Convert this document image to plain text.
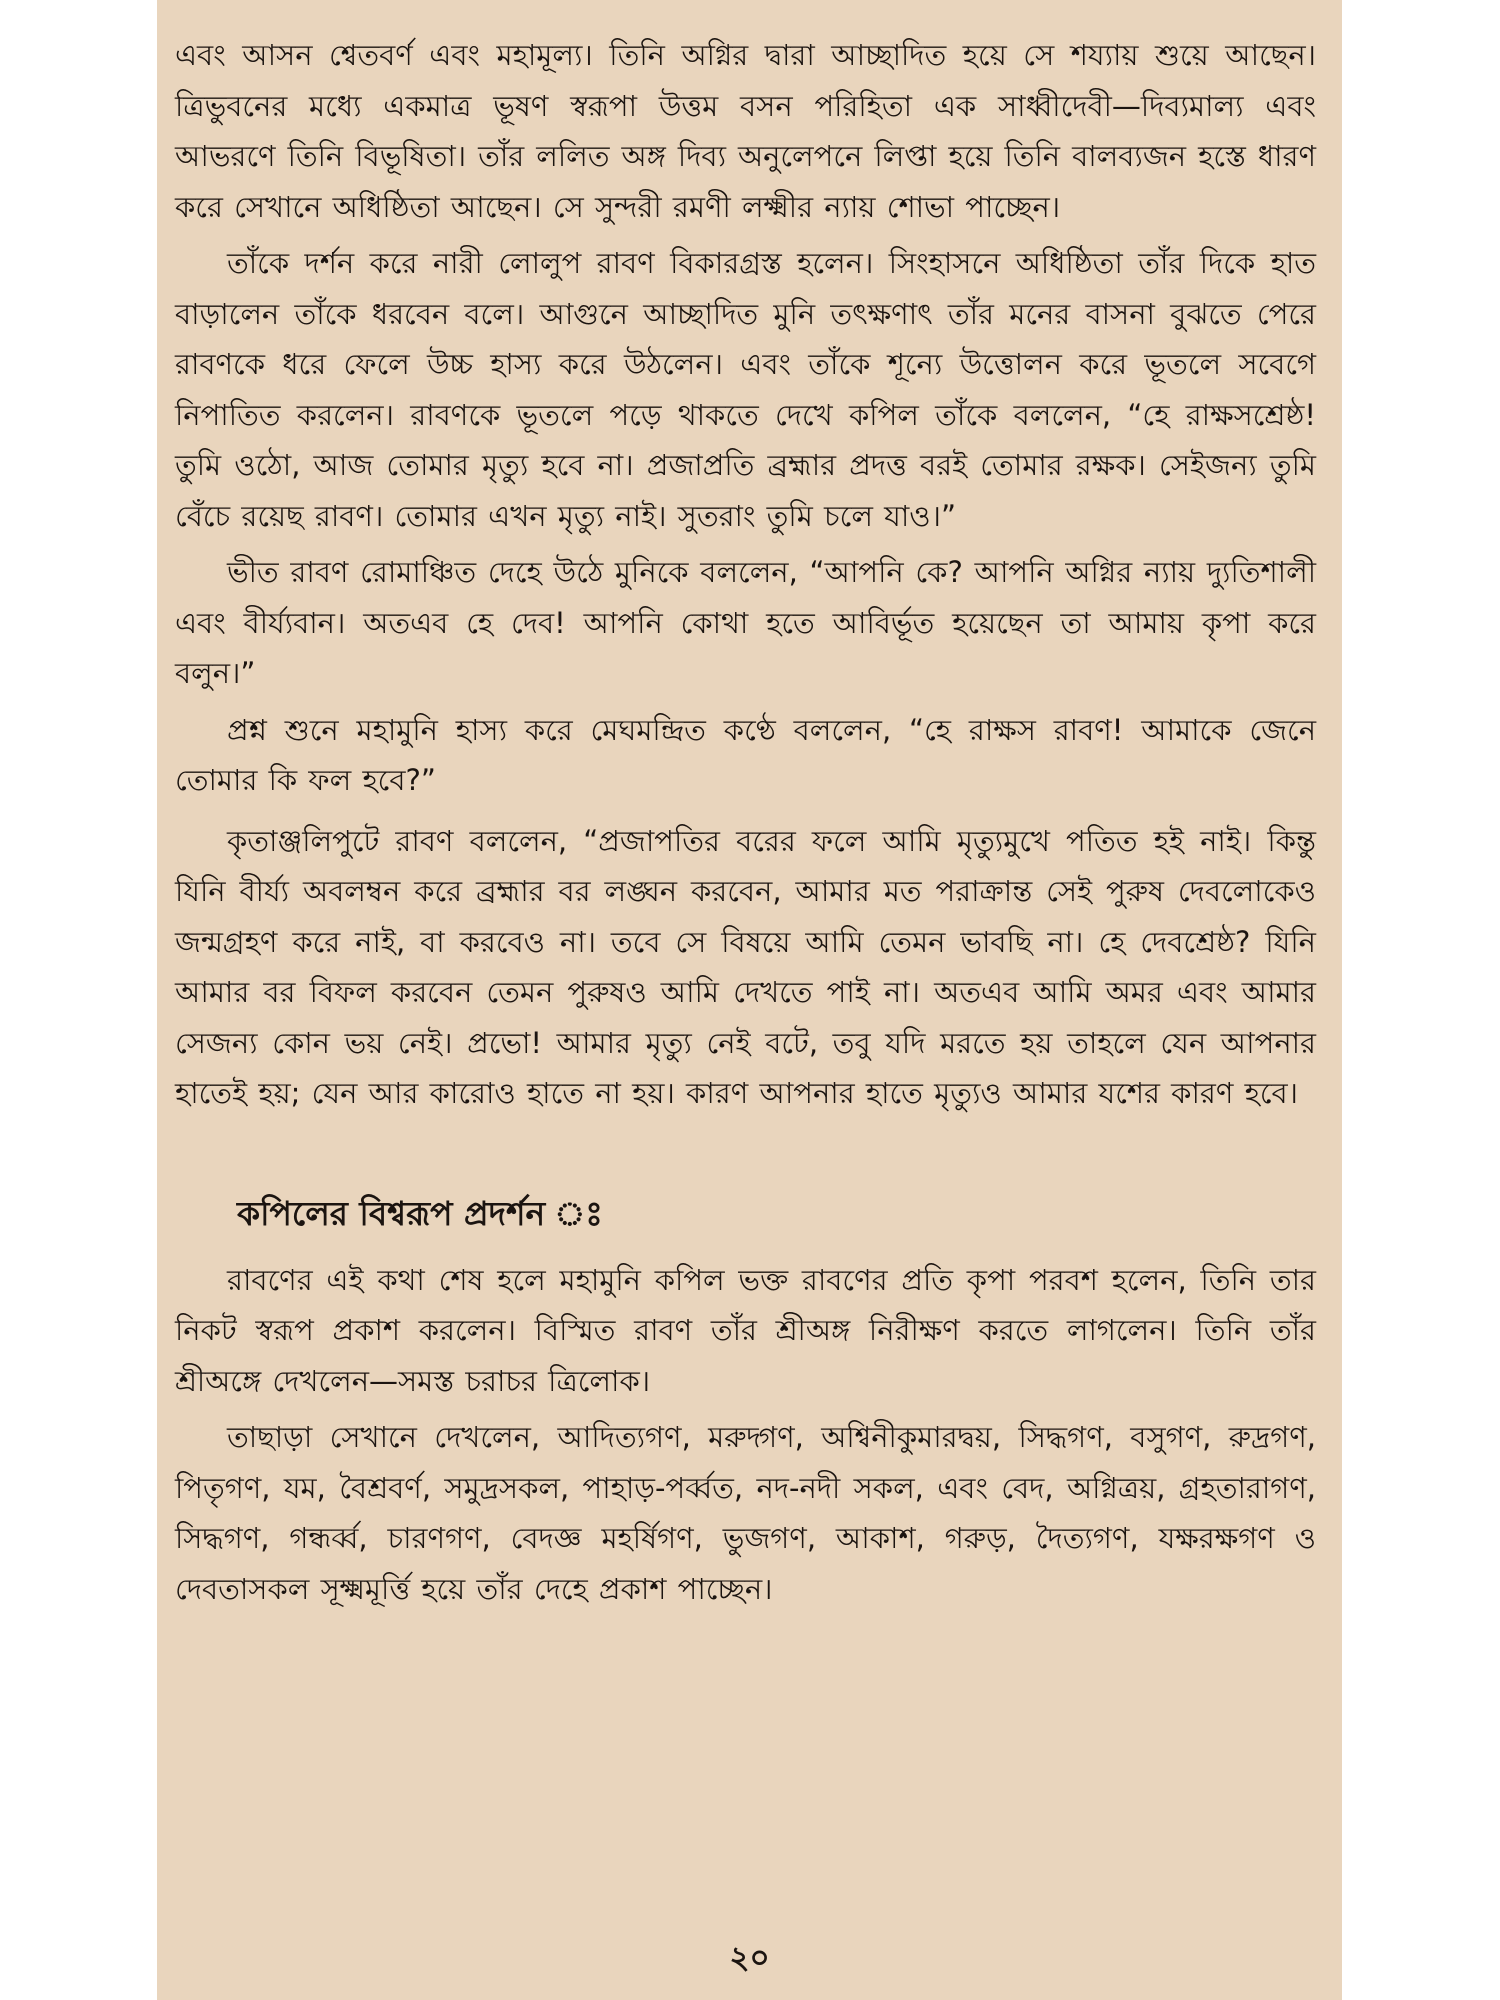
এবং আসন শ্বেতবর্ণ এবং মহামূল্য। তিনি অগ্নির দ্বারা আচ্ছাদিত হয়ে সে শয্যায় শুয়ে আছেন। ত্রিভুবনের মধ্যে একমাত্র ভূষণ স্বরূপা উত্তম বসন পরিহিতা এক সাধ্বীদেবী—দিব্যমাল্য এবং আভরণে তিনি বিভূষিতা। তাঁর ললিত অঙ্গ দিব্য অনুলেপনে লিপ্তা হয়ে তিনি বালব্যজন হস্তে ধারণ করে সেখানে অধিষ্ঠিতা আছেন। সে সুন্দরী রমণী লক্ষ্মীর ন্যায় শোভা পাচ্ছেন।

তাঁকে দর্শন করে নারী লোলুপ রাবণ বিকারগ্রস্ত হলেন। সিংহাসনে অধিষ্ঠিতা তাঁর দিকে হাত বাড়ালেন তাঁকে ধরবেন বলে। আগুনে আচ্ছাদিত মুনি তৎক্ষণাৎ তাঁর মনের বাসনা বুঝতে পেরে রাবণকে ধরে ফেলে উচ্চ হাস্য করে উঠলেন। এবং তাঁকে শূন্যে উত্তোলন করে ভূতলে সবেগে নিপাতিত করলেন। রাবণকে ভূতলে পড়ে থাকতে দেখে কপিল তাঁকে বললেন, “হে রাক্ষসশ্রেষ্ঠ! তুমি ওঠো, আজ তোমার মৃত্যু হবে না। প্রজাপ্রতি ব্রহ্মার প্রদত্ত বরই তোমার রক্ষক। সেইজন্য তুমি বেঁচে রয়েছ রাবণ। তোমার এখন মৃত্যু নাই। সুতরাং তুমি চলে যাও।”

ভীত রাবণ রোমাঞ্চিত দেহে উঠে মুনিকে বললেন, “আপনি কে? আপনি অগ্নির ন্যায় দ্যুতিশালী এবং বীর্য্যবান। অতএব হে দেব! আপনি কোথা হতে আবির্ভূত হয়েছেন তা আমায় কৃপা করে বলুন।”

প্রশ্ন শুনে মহামুনি হাস্য করে মেঘমন্দ্রিত কণ্ঠে বললেন, “হে রাক্ষস রাবণ! আমাকে জেনে তোমার কি ফল হবে?”

কৃতাঞ্জলিপুটে রাবণ বললেন, “প্রজাপতির বরের ফলে আমি মৃত্যুমুখে পতিত হই নাই। কিন্তু যিনি বীর্য্য অবলম্বন করে ব্রহ্মার বর লঙ্ঘন করবেন, আমার মত পরাক্রান্ত সেই পুরুষ দেবলোকেও জন্মগ্রহণ করে নাই, বা করবেও না। তবে সে বিষয়ে আমি তেমন ভাবছি না। হে দেবশ্রেষ্ঠ? যিনি আমার বর বিফল করবেন তেমন পুরুষও আমি দেখতে পাই না। অতএব আমি অমর এবং আমার সেজন্য কোন ভয় নেই। প্রভো! আমার মৃত্যু নেই বটে, তবু যদি মরতে হয় তাহলে যেন আপনার হাতেই হয়; যেন আর কারোও হাতে না হয়। কারণ আপনার হাতে মৃত্যুও আমার যশের কারণ হবে।

কপিলের বিশ্বরূপ প্রদর্শন ঃ

রাবণের এই কথা শেষ হলে মহামুনি কপিল ভক্ত রাবণের প্রতি কৃপা পরবশ হলেন, তিনি তার নিকট স্বরূপ প্রকাশ করলেন। বিস্মিত রাবণ তাঁর শ্রীঅঙ্গ নিরীক্ষণ করতে লাগলেন। তিনি তাঁর শ্রীঅঙ্গে দেখলেন—সমস্ত চরাচর ত্রিলোক।

তাছাড়া সেখানে দেখলেন, আদিত্যগণ, মরুদ্গণ, অশ্বিনীকুমারদ্বয়, সিদ্ধগণ, বসুগণ, রুদ্রগণ, পিতৃগণ, যম, বৈশ্রবর্ণ, সমুদ্রসকল, পাহাড়-পর্ব্বত, নদ-নদী সকল, এবং বেদ, অগ্নিত্রয়, গ্রহতারাগণ, সিদ্ধগণ, গন্ধর্ব্ব, চারণগণ, বেদজ্ঞ মহর্ষিগণ, ভুজগণ, আকাশ, গরুড়, দৈত্যগণ, যক্ষরক্ষগণ ও দেবতাসকল সূক্ষ্মমূর্ত্তি হয়ে তাঁর দেহে প্রকাশ পাচ্ছেন।

২০
